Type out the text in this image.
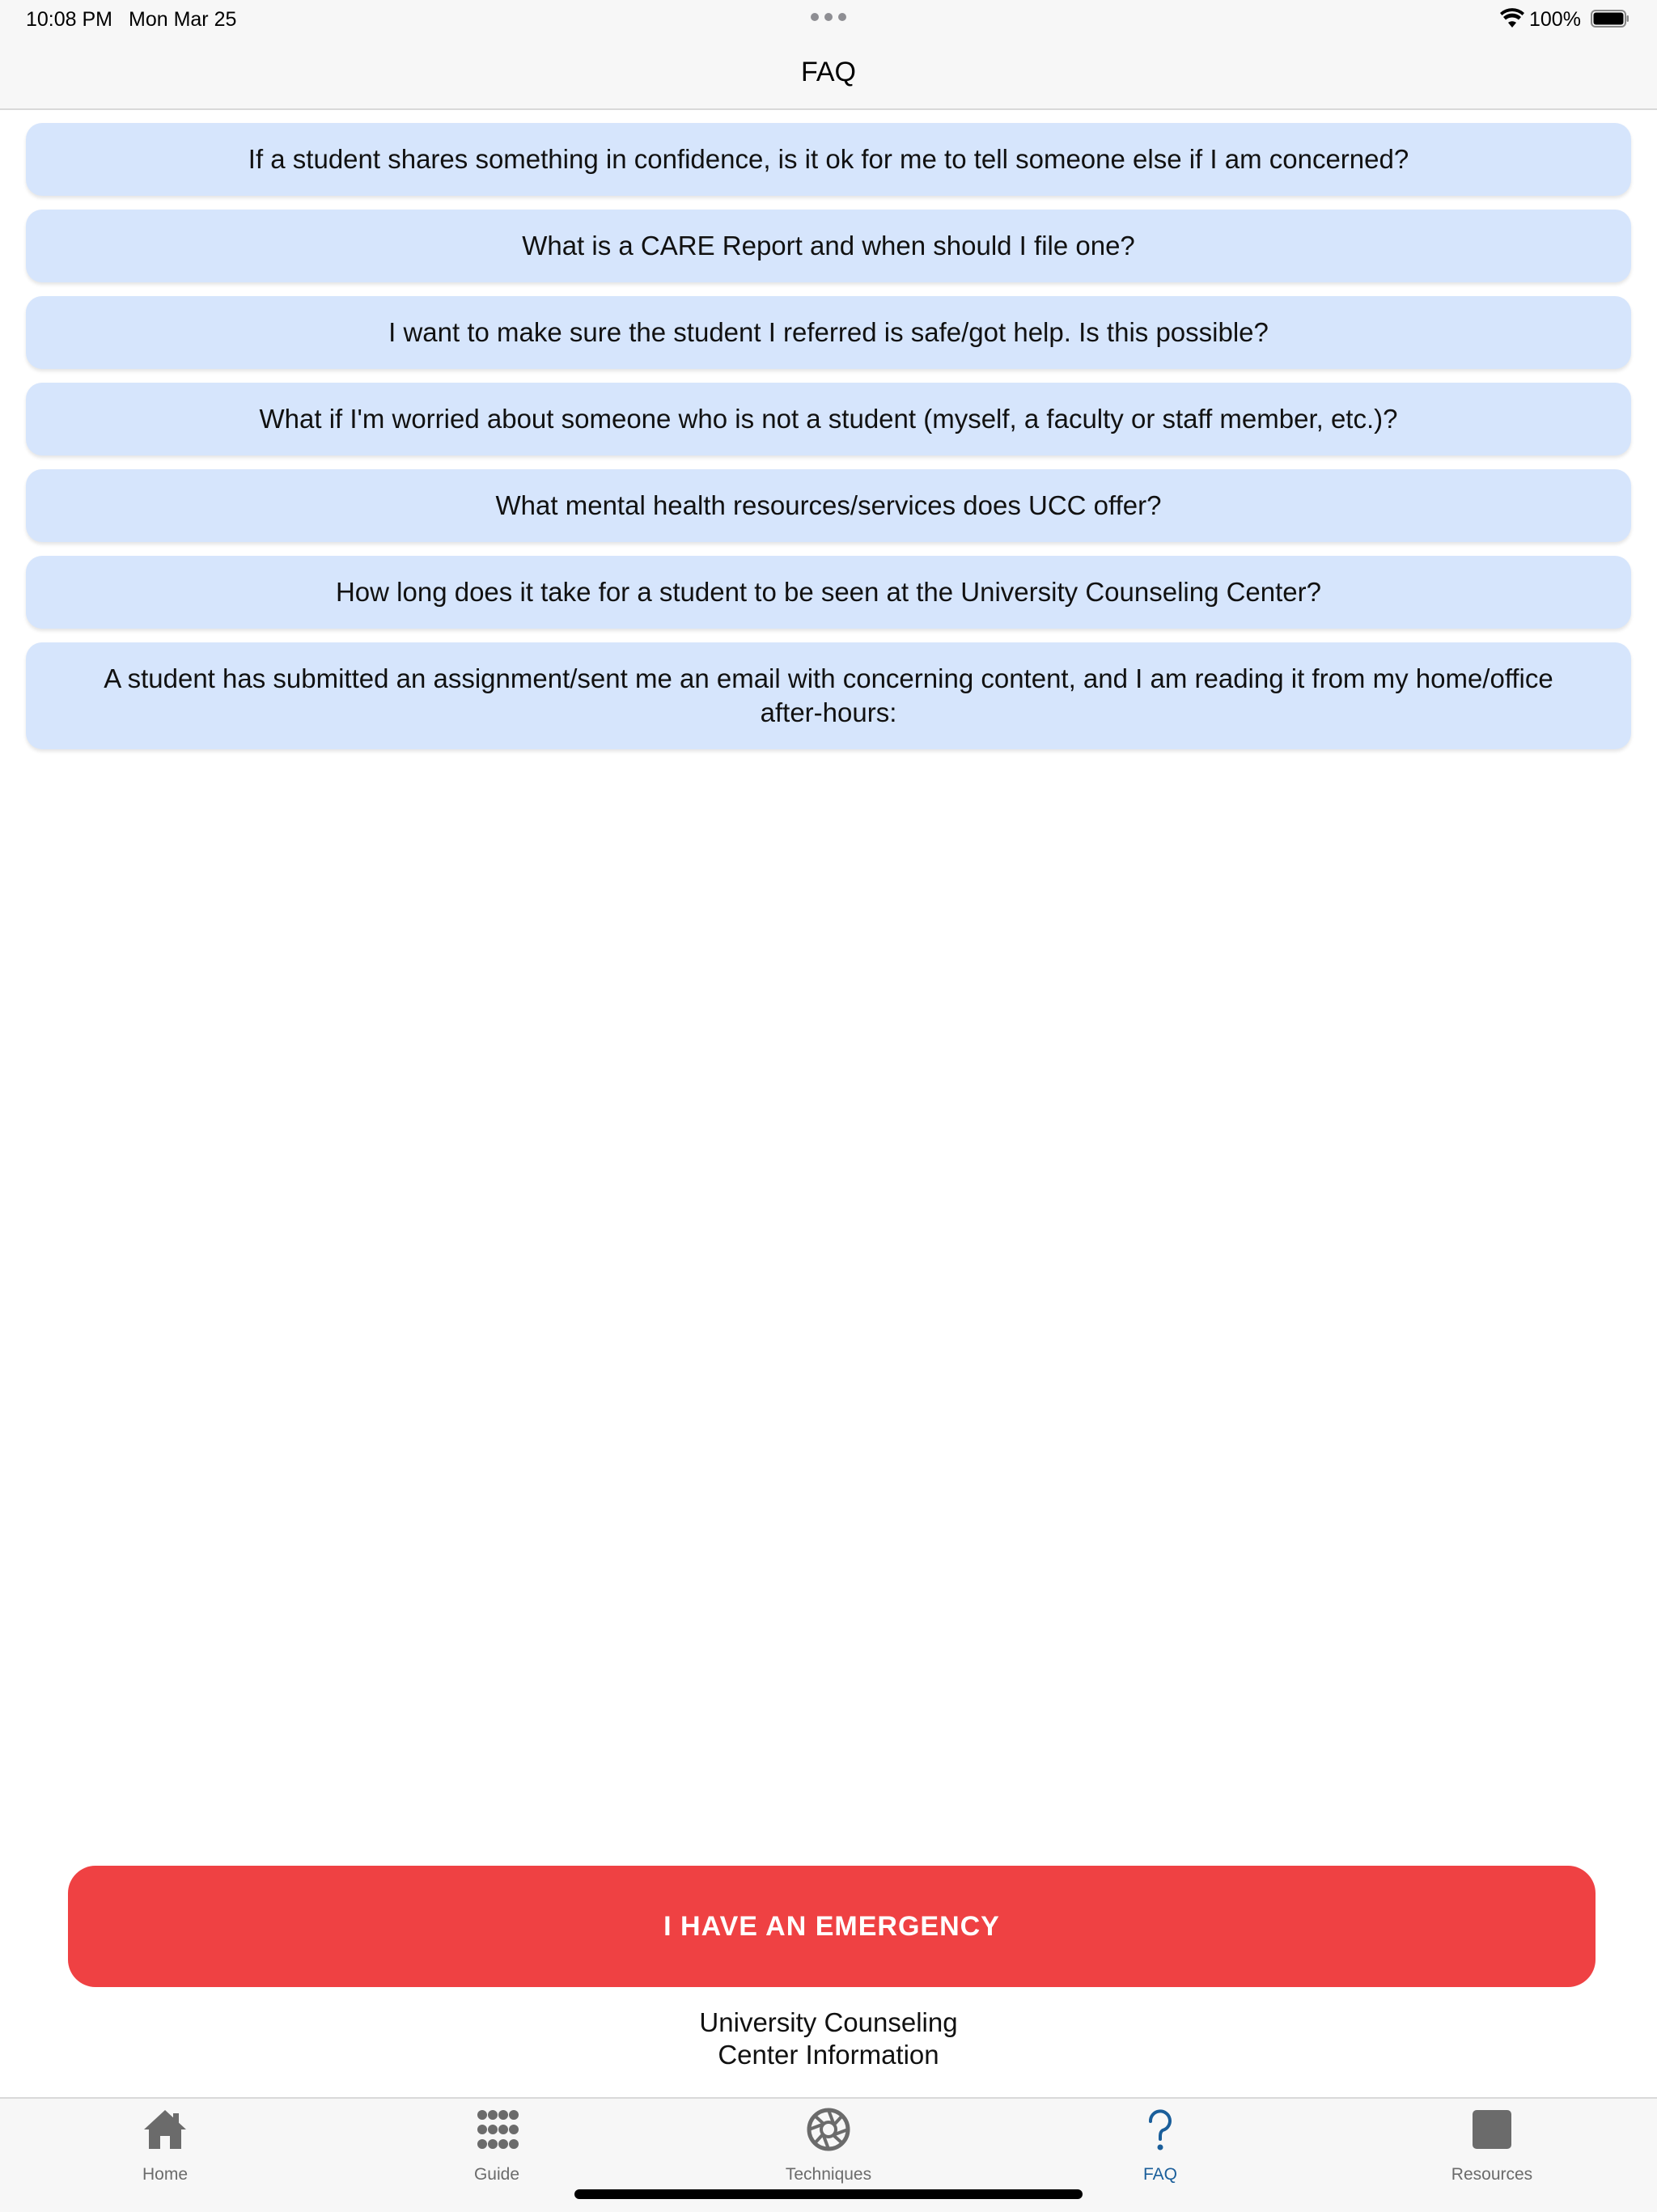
10:08 PM Mon Mar 25	100%
FAQ
If a student shares something in confidence, is it ok for me to tell someone else if I am concerned?
What is a CARE Report and when should I file one?
I want to make sure the student I referred is safe/got help. Is this possible?
What if I'm worried about someone who is not a student (myself, a faculty or staff member, etc.)?
What mental health resources/services does UCC offer?
How long does it take for a student to be seen at the University Counseling Center?
A student has submitted an assignment/sent me an email with concerning content, and I am reading it from my home/office after-hours:
I HAVE AN EMERGENCY
University Counseling
Center Information
Home	Guide	Techniques	FAQ	Resources
